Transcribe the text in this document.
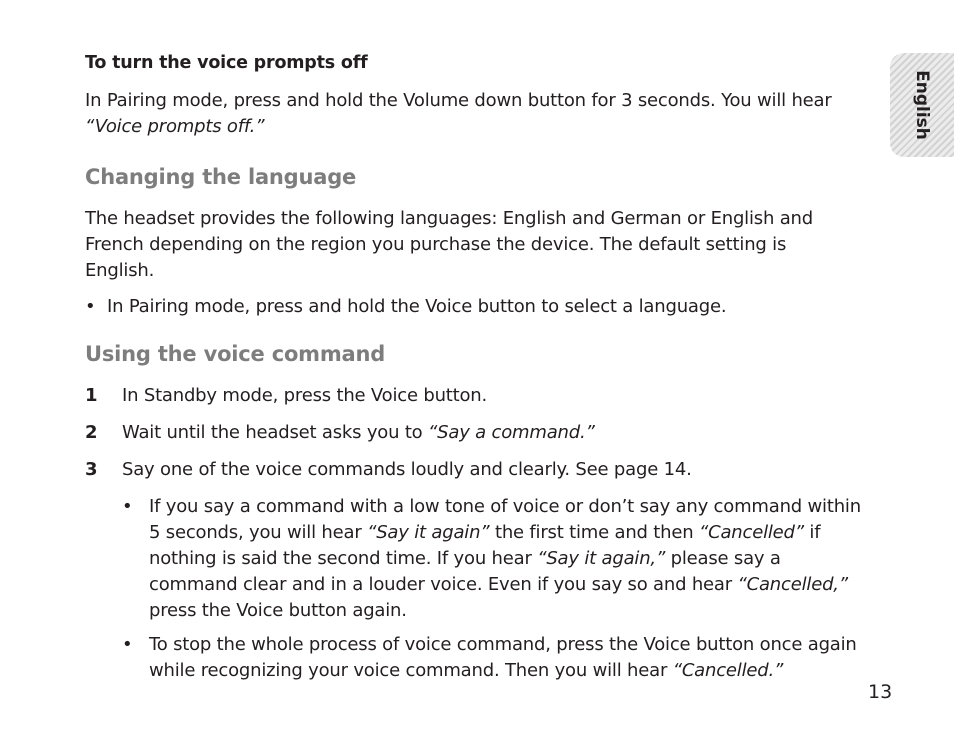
English
To turn the voice prompts off

In Pairing mode, press and hold the Volume down button for 3 seconds. You will hear
“Voice prompts off.”

Changing the language

The headset provides the following languages: English and German or English and French depending on the region you purchase the device. The default setting is English.

• In Pairing mode, press and hold the Voice button to select a language.
Using the voice command
1	In Standby mode, press the Voice button.
2	Wait until the headset asks you to “Say a command.”
3	Say one of the voice commands loudly and clearly. See page 14.
• If you say a command with a low tone of voice or don’t say any command within 5 seconds, you will hear “Say it again” the first time and then “Cancelled” if nothing is said the second time. If you hear “Say it again,” please say a command clear and in a louder voice. Even if you say so and hear “Cancelled,” press the Voice button again.
• To stop the whole process of voice command, press the Voice button once again while recognizing your voice command. Then you will hear “Cancelled.”
13
